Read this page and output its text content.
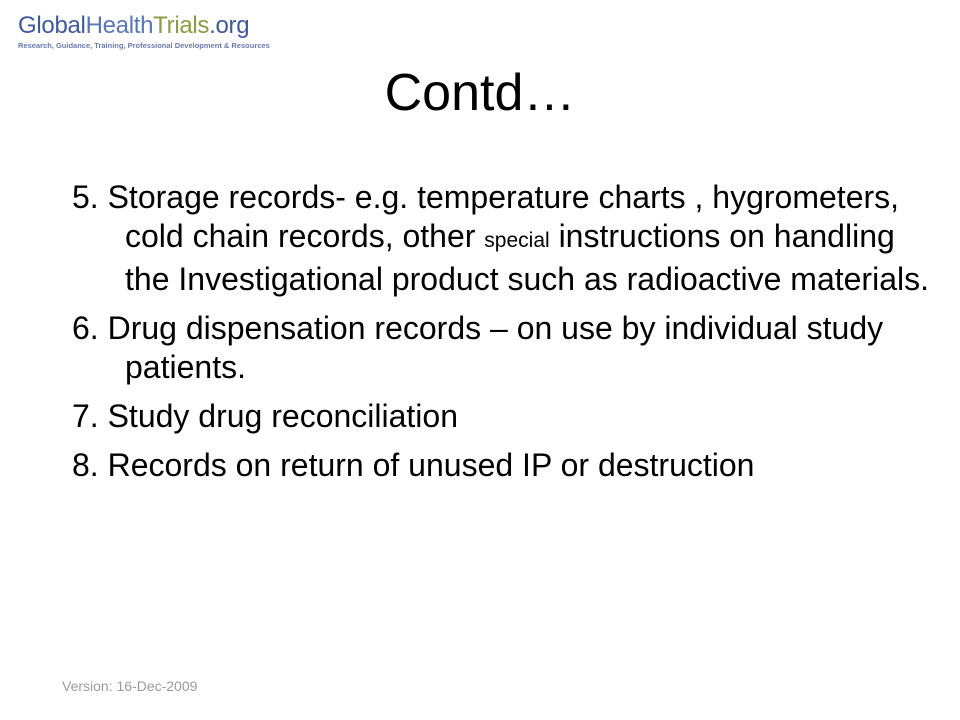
GlobalHealthTrials.org
Research, Guidance, Training, Professional Development & Resources
Contd…
5. Storage records- e.g. temperature charts , hygrometers, cold chain records, other special instructions on handling the Investigational product such as radioactive materials.
6. Drug dispensation records – on use by individual study patients.
7. Study drug reconciliation
8. Records on return of unused IP or destruction
Version: 16-Dec-2009
